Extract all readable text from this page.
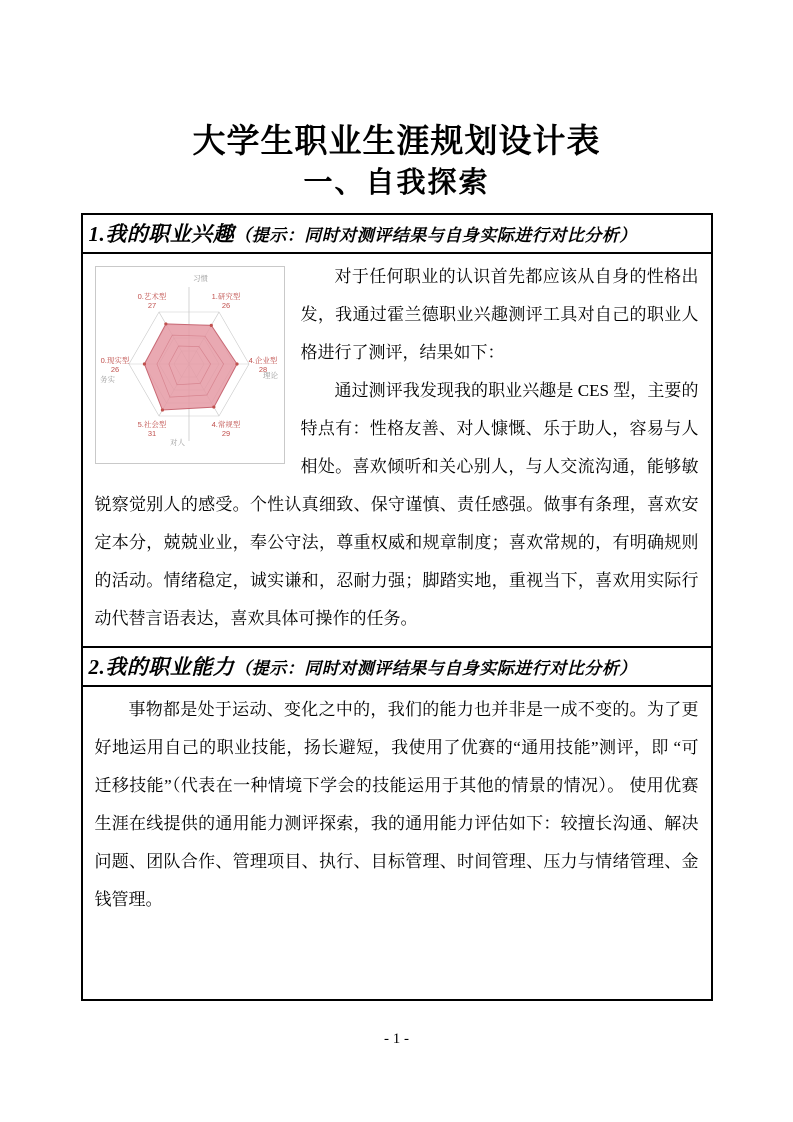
大学生职业生涯规划设计表
一、自我探索
1.我的职业兴趣（提示：同时对测评结果与自身实际进行对比分析）
4.企业型
28
1.研究型
26
0.艺术型
27
0.现实型
26
5.社会型
31
4.常规型
29
习惯
对人
务实	理论

对于任何职业的认识首先都应该从自身的性格出发，我通过霍兰德职业兴趣测评工具对自己的职业人格进行了测评，结果如下：

通过测评我发现我的职业兴趣是 CES 型，主要的特点有：性格友善、对人慷慨、乐于助人，容易与人相处。喜欢倾听和关心别人，与人交流沟通，能够敏锐察觉别人的感受。个性认真细致、保守谨慎、责任感强。做事有条理，喜欢安定本分，兢兢业业，奉公守法，尊重权威和规章制度；喜欢常规的，有明确规则的活动。情绪稳定，诚实谦和，忍耐力强；脚踏实地，重视当下，喜欢用实际行动代替言语表达，喜欢具体可操作的任务。

2.我的职业能力（提示：同时对测评结果与自身实际进行对比分析）

事物都是处于运动、变化之中的，我们的能力也并非是一成不变的。为了更好地运用自己的职业技能，扬长避短，我使用了优赛的“通用技能”测评，即 “可迁移技能”（代表在一种情境下学会的技能运用于其他的情景的情况）。 使用优赛生涯在线提供的通用能力测评探索，我的通用能力评估如下：较擅长沟通、解决问题、团队合作、管理项目、执行、目标管理、时间管理、压力与情绪管理、金钱管理。

- 1 -
